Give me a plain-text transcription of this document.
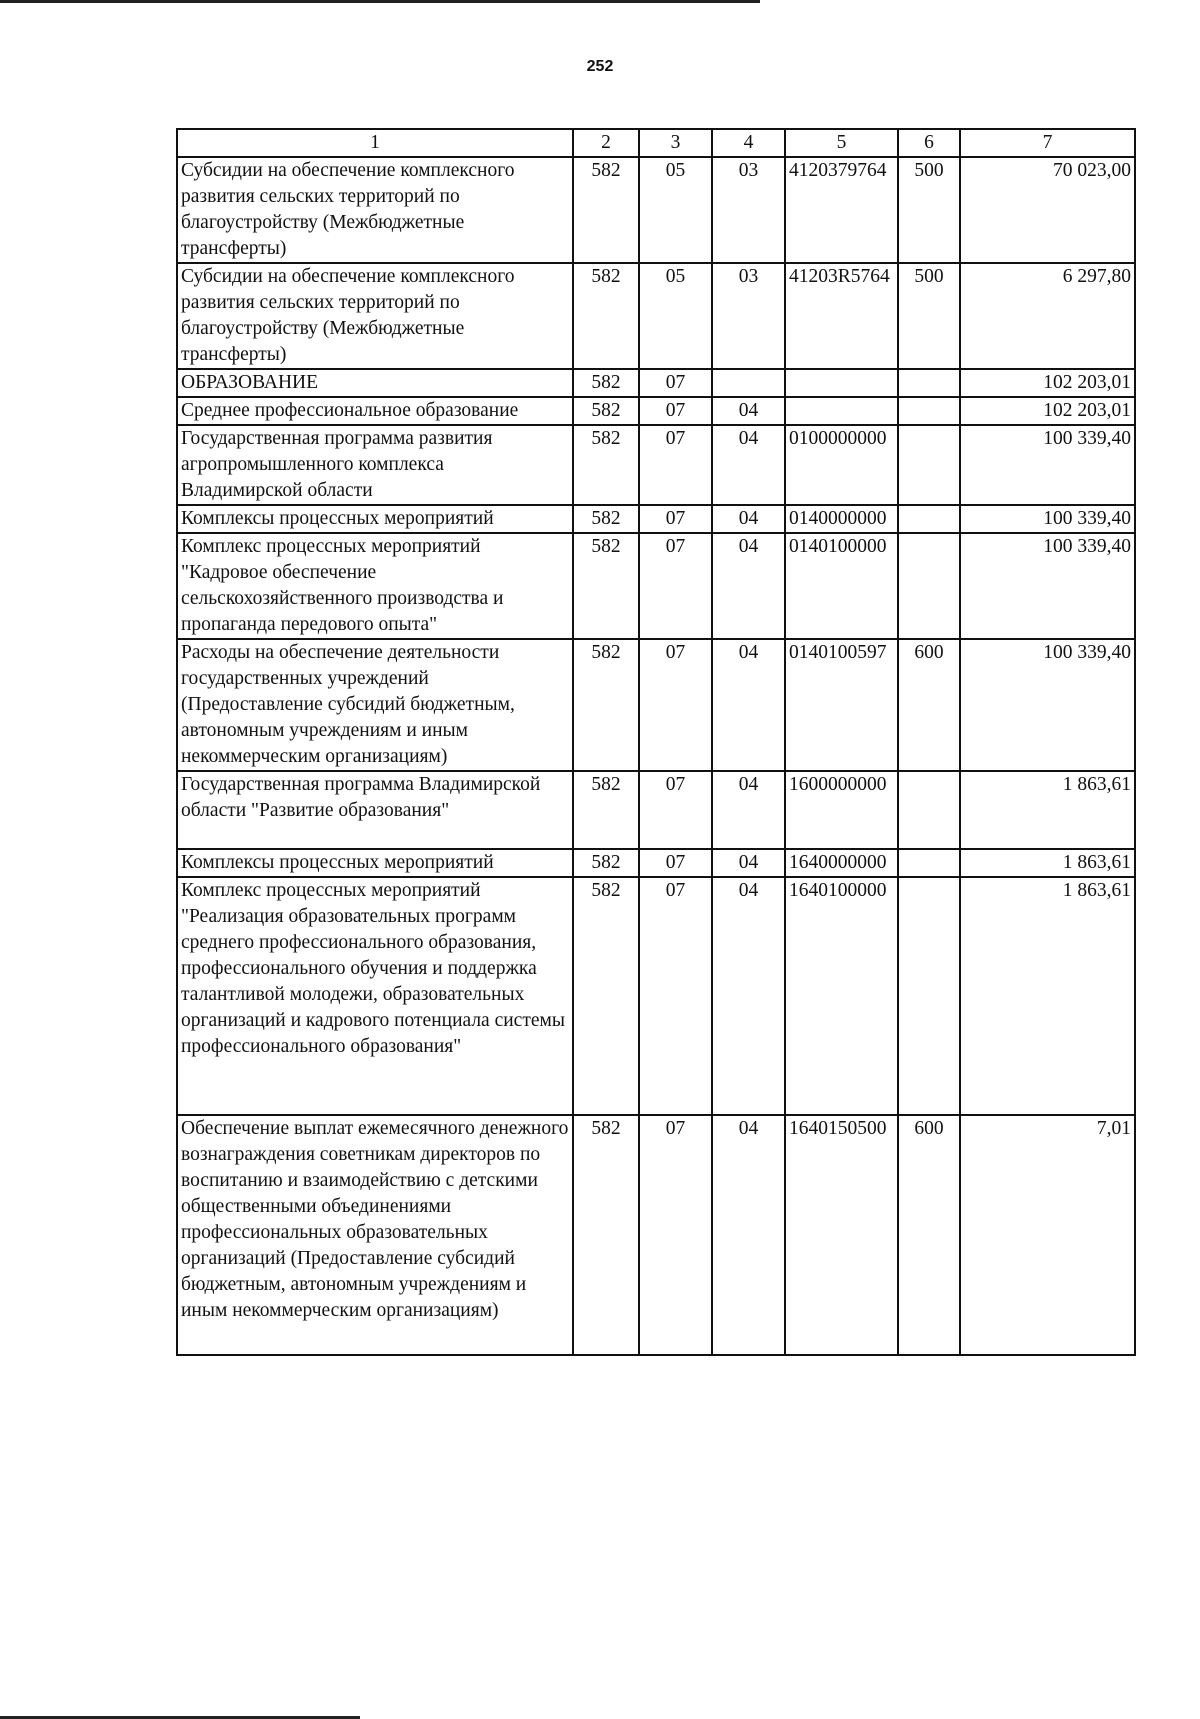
252
1	2	3	4	5	6	7
Субсидии на обеспечение комплексного развития сельских территорий по благоустройству (Межбюджетные трансферты)	582	05	03	4120379764	500	70 023,00
Субсидии на обеспечение комплексного развития сельских территорий по благоустройству (Межбюджетные трансферты)	582	05	03	41203R5764	500	6 297,80
ОБРАЗОВАНИЕ	582	07				102 203,01
Среднее профессиональное образование	582	07	04			102 203,01
Государственная программа развития агропромышленного комплекса Владимирской области	582	07	04	0100000000		100 339,40
Комплексы процессных мероприятий	582	07	04	0140000000		100 339,40
Комплекс процессных мероприятий "Кадровое обеспечение сельскохозяйственного производства и пропаганда передового опыта"	582	07	04	0140100000		100 339,40
Расходы на обеспечение деятельности государственных учреждений (Предоставление субсидий бюджетным, автономным учреждениям и иным некоммерческим организациям)	582	07	04	0140100597	600	100 339,40
Государственная программа Владимирской области "Развитие образования"	582	07	04	1600000000		1 863,61
Комплексы процессных мероприятий	582	07	04	1640000000		1 863,61
Комплекс процессных мероприятий "Реализация образовательных программ среднего профессионального образования, профессионального обучения и поддержка талантливой молодежи, образовательных организаций и кадрового потенциала системы профессионального образования"	582	07	04	1640100000		1 863,61
Обеспечение выплат ежемесячного денежного вознаграждения советникам директоров по воспитанию и взаимодействию с детскими общественными объединениями профессиональных образовательных организаций (Предоставление субсидий бюджетным, автономным учреждениям и иным некоммерческим организациям)	582	07	04	1640150500	600	7,01
